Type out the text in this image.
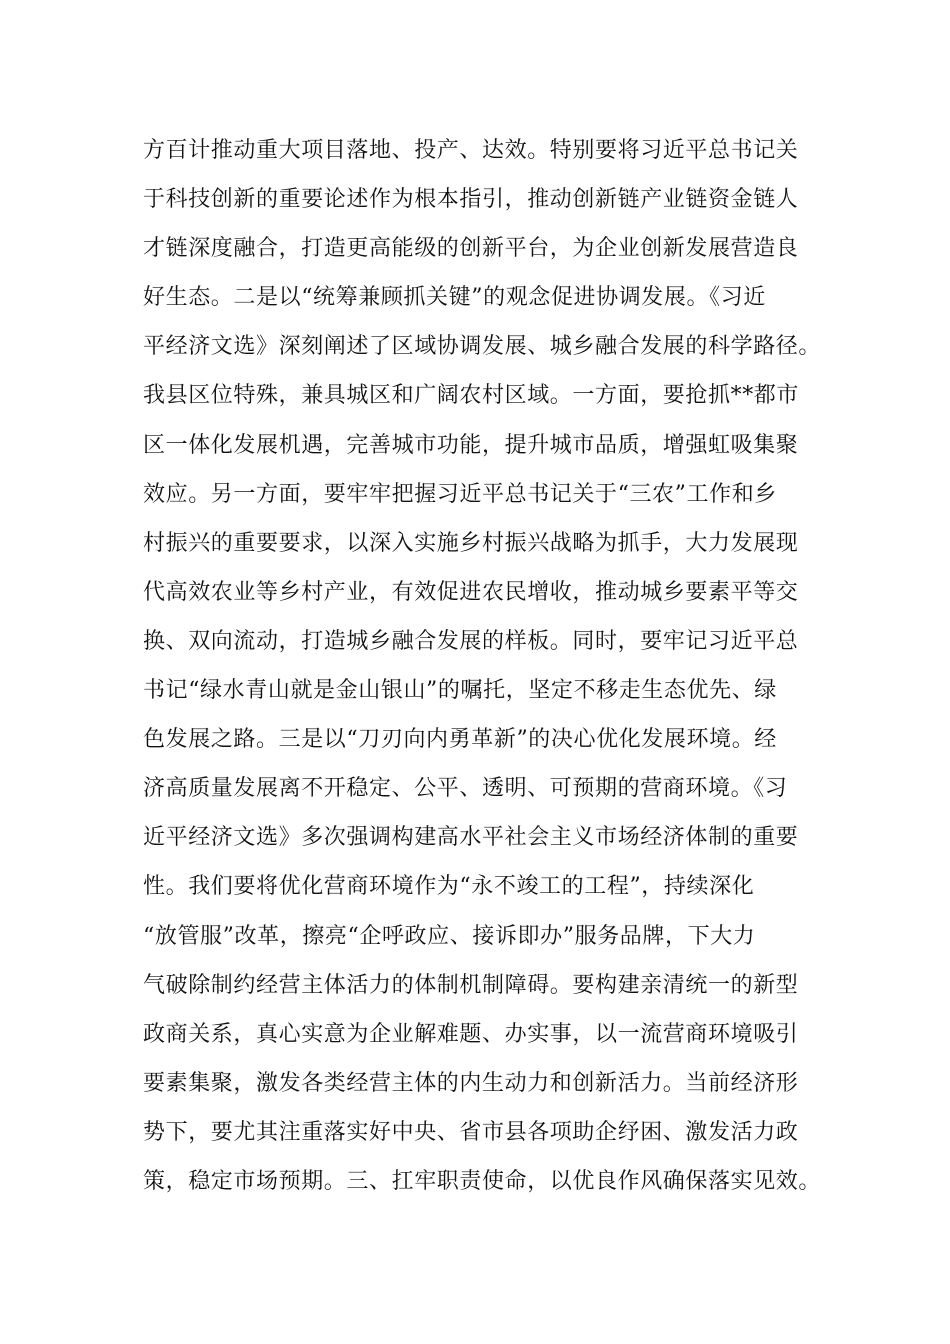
方百计推动重大项目落地、投产、达效。特别要将习近平总书记关
于科技创新的重要论述作为根本指引，推动创新链产业链资金链人
才链深度融合，打造更高能级的创新平台，为企业创新发展营造良
好生态。二是以“统筹兼顾抓关键”的观念促进协调发展。《习近
平经济文选》深刻阐述了区域协调发展、城乡融合发展的科学路径。
我县区位特殊，兼具城区和广阔农村区域。一方面，要抢抓**都市
区一体化发展机遇，完善城市功能，提升城市品质，增强虹吸集聚
效应。另一方面，要牢牢把握习近平总书记关于“三农”工作和乡
村振兴的重要要求，以深入实施乡村振兴战略为抓手，大力发展现
代高效农业等乡村产业，有效促进农民增收，推动城乡要素平等交
换、双向流动，打造城乡融合发展的样板。同时，要牢记习近平总
书记“绿水青山就是金山银山”的嘱托，坚定不移走生态优先、绿
色发展之路。三是以“刀刃向内勇革新”的决心优化发展环境。经
济高质量发展离不开稳定、公平、透明、可预期的营商环境。《习
近平经济文选》多次强调构建高水平社会主义市场经济体制的重要
性。我们要将优化营商环境作为“永不竣工的工程”，持续深化
“放管服”改革，擦亮“企呼政应、接诉即办”服务品牌，下大力
气破除制约经营主体活力的体制机制障碍。要构建亲清统一的新型
政商关系，真心实意为企业解难题、办实事，以一流营商环境吸引
要素集聚，激发各类经营主体的内生动力和创新活力。当前经济形
势下，要尤其注重落实好中央、省市县各项助企纾困、激发活力政
策，稳定市场预期。三、扛牢职责使命，以优良作风确保落实见效。
